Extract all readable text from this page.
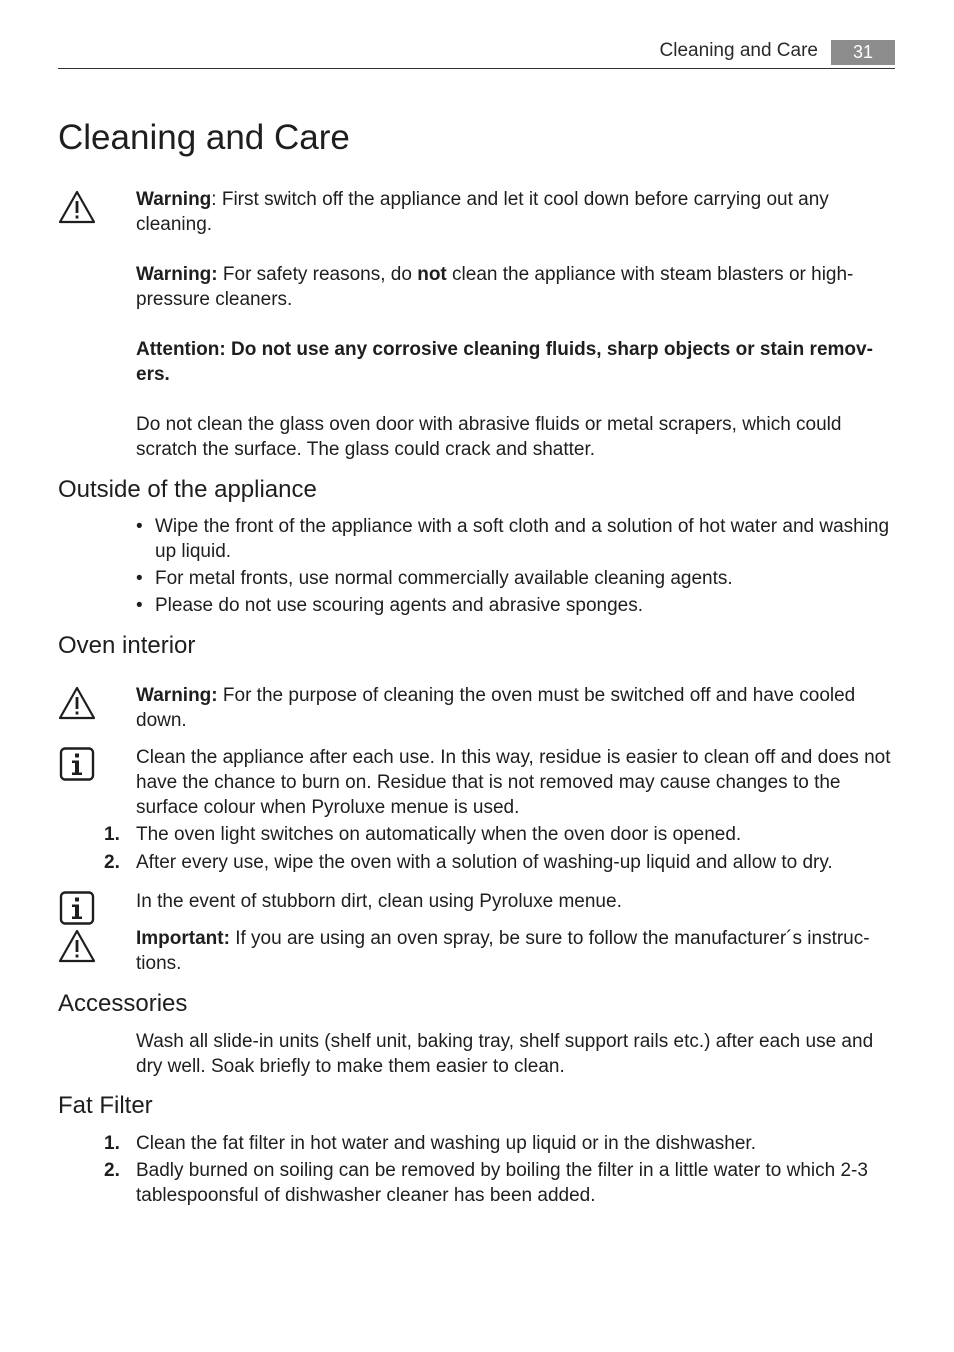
Cleaning and Care	31
Cleaning and Care

Warning: First switch off the appliance and let it cool down before carrying out any cleaning.

Warning: For safety reasons, do not clean the appliance with steam blasters or high-pressure cleaners.

Attention: Do not use any corrosive cleaning fluids, sharp objects or stain remov-ers.

Do not clean the glass oven door with abrasive fluids or metal scrapers, which could scratch the surface. The glass could crack and shatter.

Outside of the appliance
• Wipe the front of the appliance with a soft cloth and a solution of hot water and washing up liquid.
• For metal fronts, use normal commercially available cleaning agents.
• Please do not use scouring agents and abrasive sponges.
Oven interior

Warning: For the purpose of cleaning the oven must be switched off and have cooled down.

Clean the appliance after each use. In this way, residue is easier to clean off and does not have the chance to burn on. Residue that is not removed may cause changes to the surface colour when Pyroluxe menue is used.

1. The oven light switches on automatically when the oven door is opened.

2. After every use, wipe the oven with a solution of washing-up liquid and allow to dry.

In the event of stubborn dirt, clean using Pyroluxe menue.

Important: If you are using an oven spray, be sure to follow the manufacturer´s instruc-tions.

Accessories

Wash all slide-in units (shelf unit, baking tray, shelf support rails etc.) after each use and dry well. Soak briefly to make them easier to clean.

Fat Filter
1. Clean the fat filter in hot water and washing up liquid or in the dishwasher.

2. Badly burned on soiling can be removed by boiling the filter in a little water to which 2-3 tablespoonsful of dishwasher cleaner has been added.
